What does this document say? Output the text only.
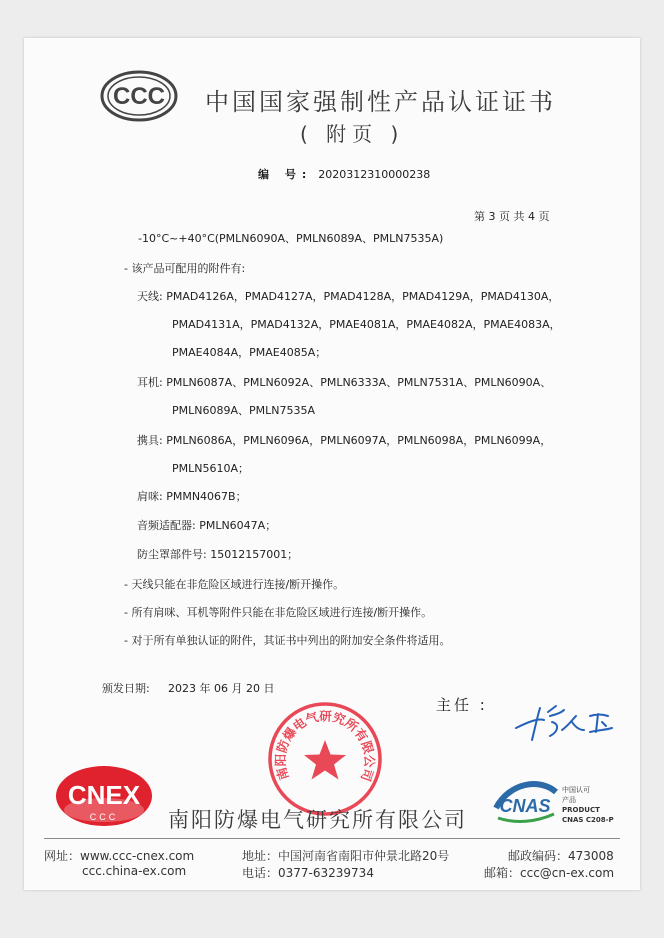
CCC 中国国家强制性产品认证证书
( 附页 )
编 号: 2020312310000238
第 3 页 共 4 页
-10°C~+40°C(PMLN6090A、PMLN6089A、PMLN7535A)
- 该产品可配用的附件有:
天线: PMAD4126A，PMAD4127A，PMAD4128A，PMAD4129A，PMAD4130A，
PMAD4131A，PMAD4132A，PMAE4081A，PMAE4082A，PMAE4083A，
PMAE4084A，PMAE4085A；
耳机: PMLN6087A、PMLN6092A、PMLN6333A、PMLN7531A、PMLN6090A、
PMLN6089A、PMLN7535A
携具: PMLN6086A，PMLN6096A，PMLN6097A，PMLN6098A，PMLN6099A，
PMLN5610A；
肩咪: PMMN4067B；
音频适配器: PMLN6047A；
防尘罩部件号: 15012157001；
- 天线只能在非危险区域进行连接/断开操作。
- 所有肩咪、耳机等附件只能在非危险区域进行连接/断开操作。
- 对于所有单独认证的附件，其证书中列出的附加安全条件将适用。
颁发日期: 2023 年 06 月 20 日
南阳防爆电气研究所有限公司
主任 :
CNEX
CCC 南阳防爆电气研究所有限公司
CNAS
中国认可
产品
PRODUCT
CNAS C208-P
网址：www.ccc-cnex.com
ccc.china-ex.com
地址：中国河南省南阳市仲景北路20号
电话：0377-63239734
邮政编码：473008
邮箱：ccc@cn-ex.com
